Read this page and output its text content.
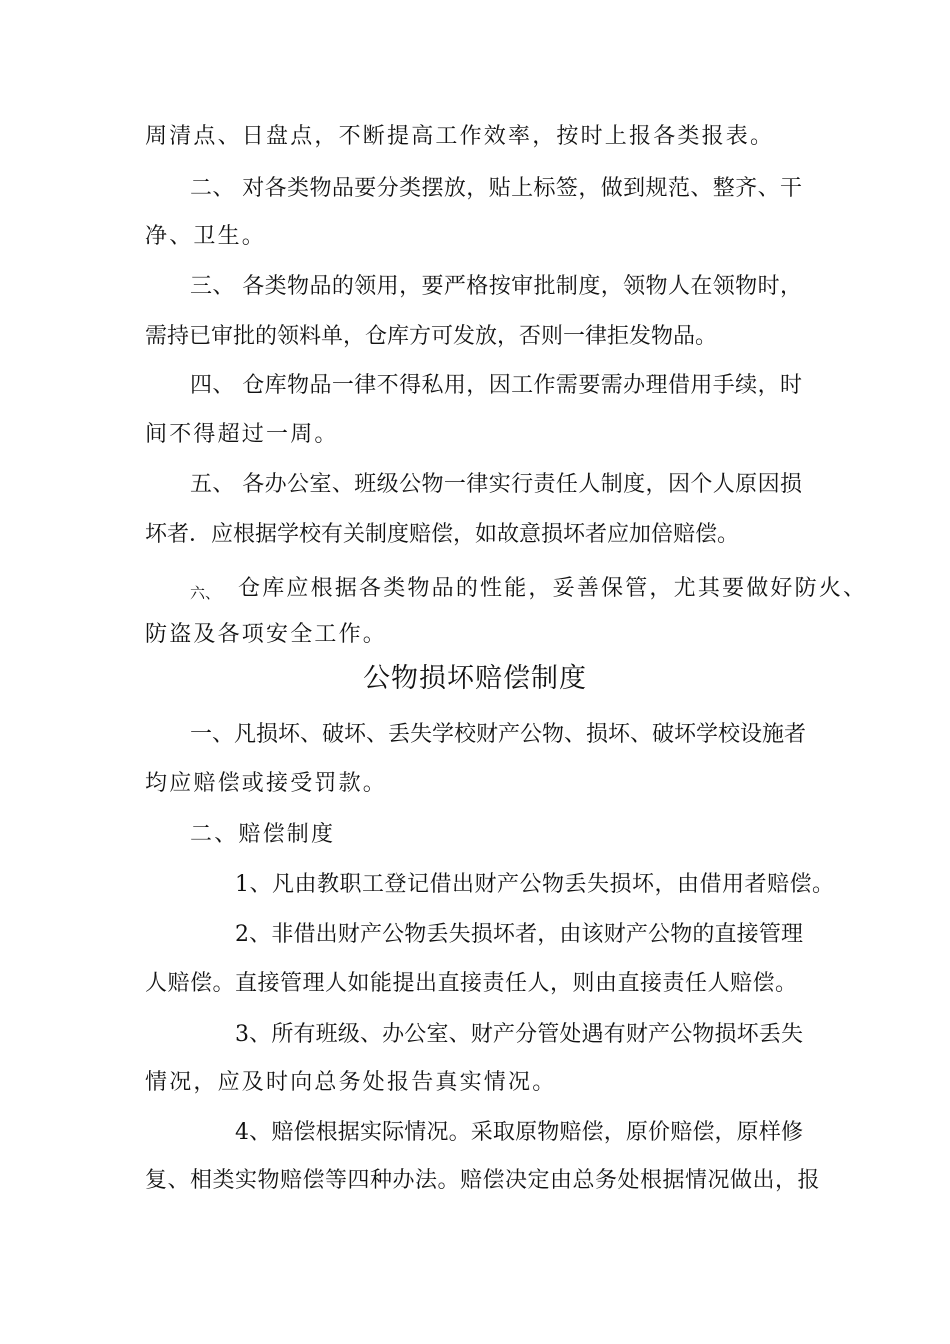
周清点、日盘点，不断提高工作效率，按时上报各类报表。
二、 对各类物品要分类摆放，贴上标签，做到规范、整齐、干
净、卫生。
三、 各类物品的领用，要严格按审批制度，领物人在领物时，
需持已审批的领料单，仓库方可发放，否则一律拒发物品。
四、 仓库物品一律不得私用，因工作需要需办理借用手续，时
间不得超过一周。
五、 各办公室、班级公物一律实行责任人制度，因个人原因损
坏者．应根据学校有关制度赔偿，如故意损坏者应加倍赔偿。
六、 仓库应根据各类物品的性能，妥善保管，尤其要做好防火、
防盗及各项安全工作。
公物损坏赔偿制度
一、凡损坏、破坏、丢失学校财产公物、损坏、破坏学校设施者
均应赔偿或接受罚款。
二、赔偿制度
1、凡由教职工登记借出财产公物丢失损坏，由借用者赔偿。
2、非借出财产公物丢失损坏者，由该财产公物的直接管理
人赔偿。直接管理人如能提出直接责任人，则由直接责任人赔偿。
3、所有班级、办公室、财产分管处遇有财产公物损坏丢失
情况，应及时向总务处报告真实情况。
4、赔偿根据实际情况。采取原物赔偿，原价赔偿，原样修
复、相类实物赔偿等四种办法。赔偿决定由总务处根据情况做出，报
